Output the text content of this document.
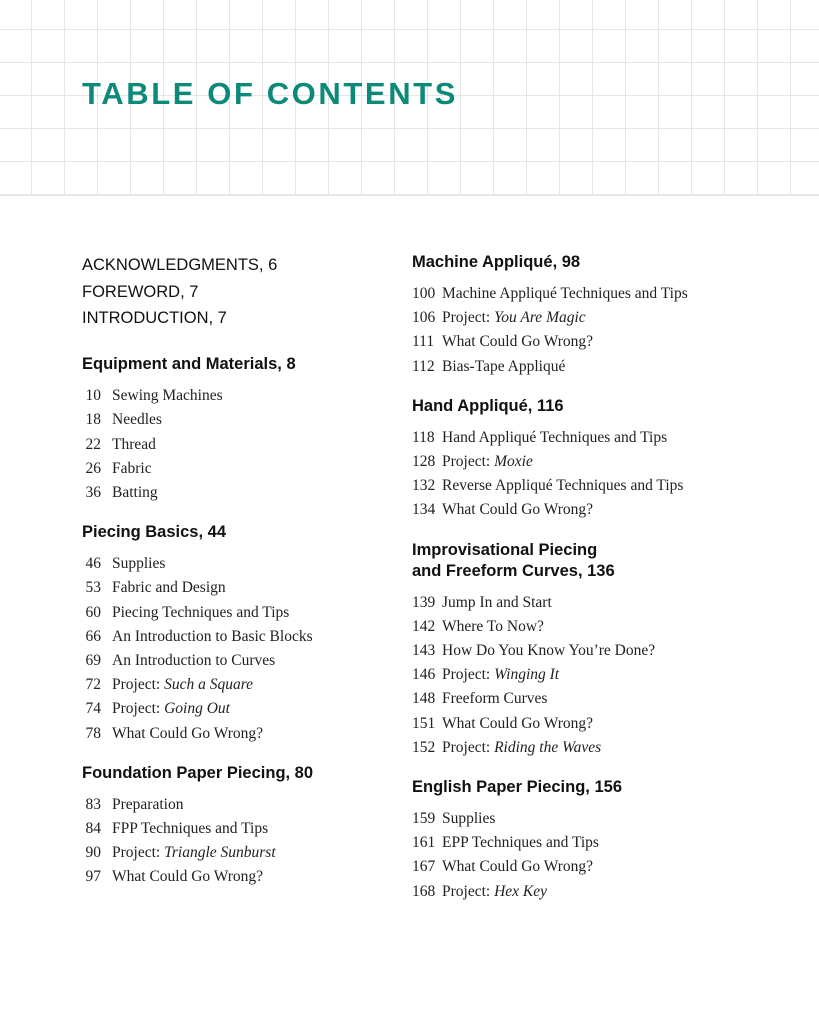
TABLE OF CONTENTS
ACKNOWLEDGMENTS, 6
FOREWORD, 7
INTRODUCTION, 7
Equipment and Materials, 8
10 Sewing Machines
18 Needles
22 Thread
26 Fabric
36 Batting
Piecing Basics, 44
46 Supplies
53 Fabric and Design
60 Piecing Techniques and Tips
66 An Introduction to Basic Blocks
69 An Introduction to Curves
72 Project: Such a Square
74 Project: Going Out
78 What Could Go Wrong?
Foundation Paper Piecing, 80
83 Preparation
84 FPP Techniques and Tips
90 Project: Triangle Sunburst
97 What Could Go Wrong?
Machine Appliqué, 98
100 Machine Appliqué Techniques and Tips
106 Project: You Are Magic
111 What Could Go Wrong?
112 Bias-Tape Appliqué
Hand Appliqué, 116
118 Hand Appliqué Techniques and Tips
128 Project: Moxie
132 Reverse Appliqué Techniques and Tips
134 What Could Go Wrong?
Improvisational Piecing
and Freeform Curves, 136
139 Jump In and Start
142 Where To Now?
143 How Do You Know You’re Done?
146 Project: Winging It
148 Freeform Curves
151 What Could Go Wrong?
152 Project: Riding the Waves
English Paper Piecing, 156
159 Supplies
161 EPP Techniques and Tips
167 What Could Go Wrong?
168 Project: Hex Key
